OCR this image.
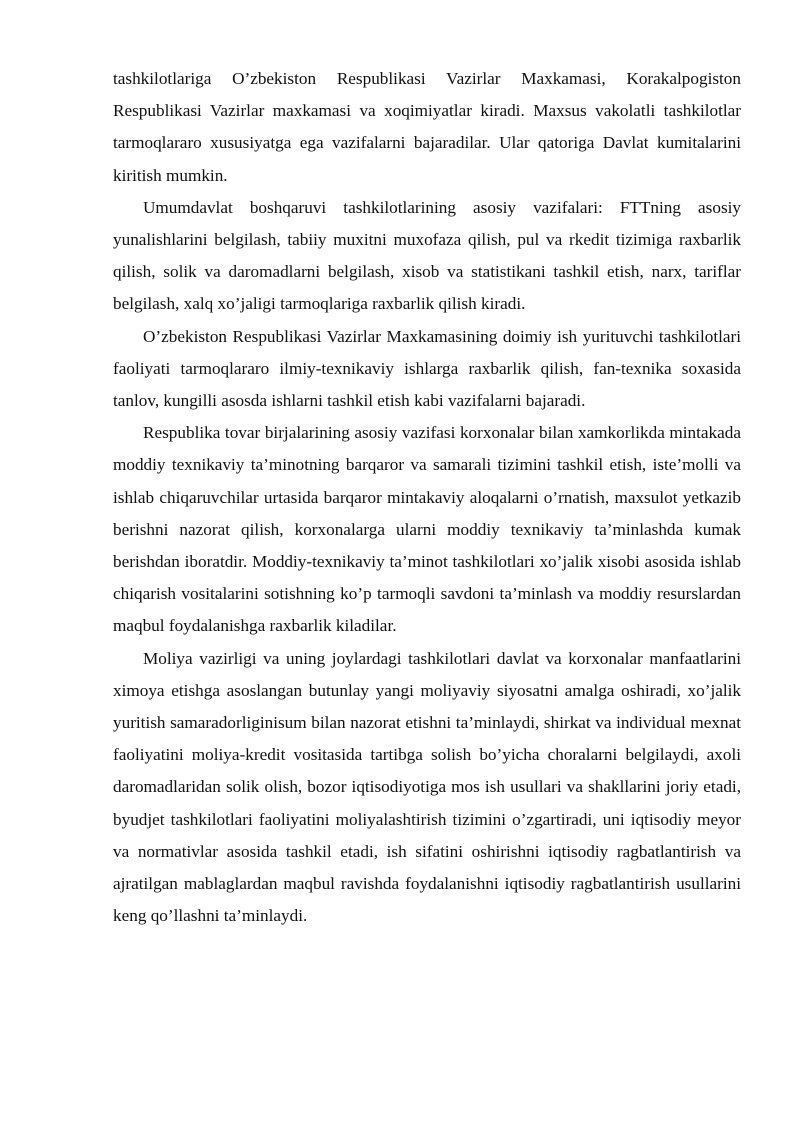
tashkilotlariga O’zbekiston Respublikasi Vazirlar Maxkamasi, Korakalpogiston Respublikasi Vazirlar maxkamasi va xoqimiyatlar kiradi. Maxsus vakolatli tashkilotlar tarmoqlararo xususiyatga ega vazifalarni bajaradilar. Ular qatoriga Davlat kumitalarini kiritish mumkin.

Umumdavlat boshqaruvi tashkilotlarining asosiy vazifalari: FTTning asosiy yunalishlarini belgilash, tabiiy muxitni muxofaza qilish, pul va rkedit tizimiga raxbarlik qilish, solik va daromadlarni belgilash, xisob va statistikani tashkil etish, narx, tariflar belgilash, xalq xo’jaligi tarmoqlariga raxbarlik qilish kiradi.

O’zbekiston Respublikasi Vazirlar Maxkamasining doimiy ish yurituvchi tashkilotlari faoliyati tarmoqlararo ilmiy-texnikaviy ishlarga raxbarlik qilish, fan-texnika soxasida tanlov, kungilli asosda ishlarni tashkil etish kabi vazifalarni bajaradi.

Respublika tovar birjalarining asosiy vazifasi korxonalar bilan xamkorlikda mintakada moddiy texnikaviy ta’minotning barqaror va samarali tizimini tashkil etish, iste’molli va ishlab chiqaruvchilar urtasida barqaror mintakaviy aloqalarni o’rnatish, maxsulot yetkazib berishni nazorat qilish, korxonalarga ularni moddiy texnikaviy ta’minlashda kumak berishdan iboratdir. Moddiy-texnikaviy ta’minot tashkilotlari xo’jalik xisobi asosida ishlab chiqarish vositalarini sotishning ko’p tarmoqli savdoni ta’minlash va moddiy resurslardan maqbul foydalanishga raxbarlik kiladilar.

Moliya vazirligi va uning joylardagi tashkilotlari davlat va korxonalar manfaatlarini ximoya etishga asoslangan butunlay yangi moliyaviy siyosatni amalga oshiradi, xo’jalik yuritish samaradorliginisum bilan nazorat etishni ta’minlaydi, shirkat va individual mexnat faoliyatini moliya-kredit vositasida tartibga solish bo’yicha choralarni belgilaydi, axoli daromadlaridan solik olish, bozor iqtisodiyotiga mos ish usullari va shakllarini joriy etadi, byudjet tashkilotlari faoliyatini moliyalashtirish tizimini o’zgartiradi, uni iqtisodiy meyor va normativlar asosida tashkil etadi, ish sifatini oshirishni iqtisodiy ragbatlantirish va ajratilgan mablaglardan maqbul ravishda foydalanishni iqtisodiy ragbatlantirish usullarini keng qo’llashni ta’minlaydi.
